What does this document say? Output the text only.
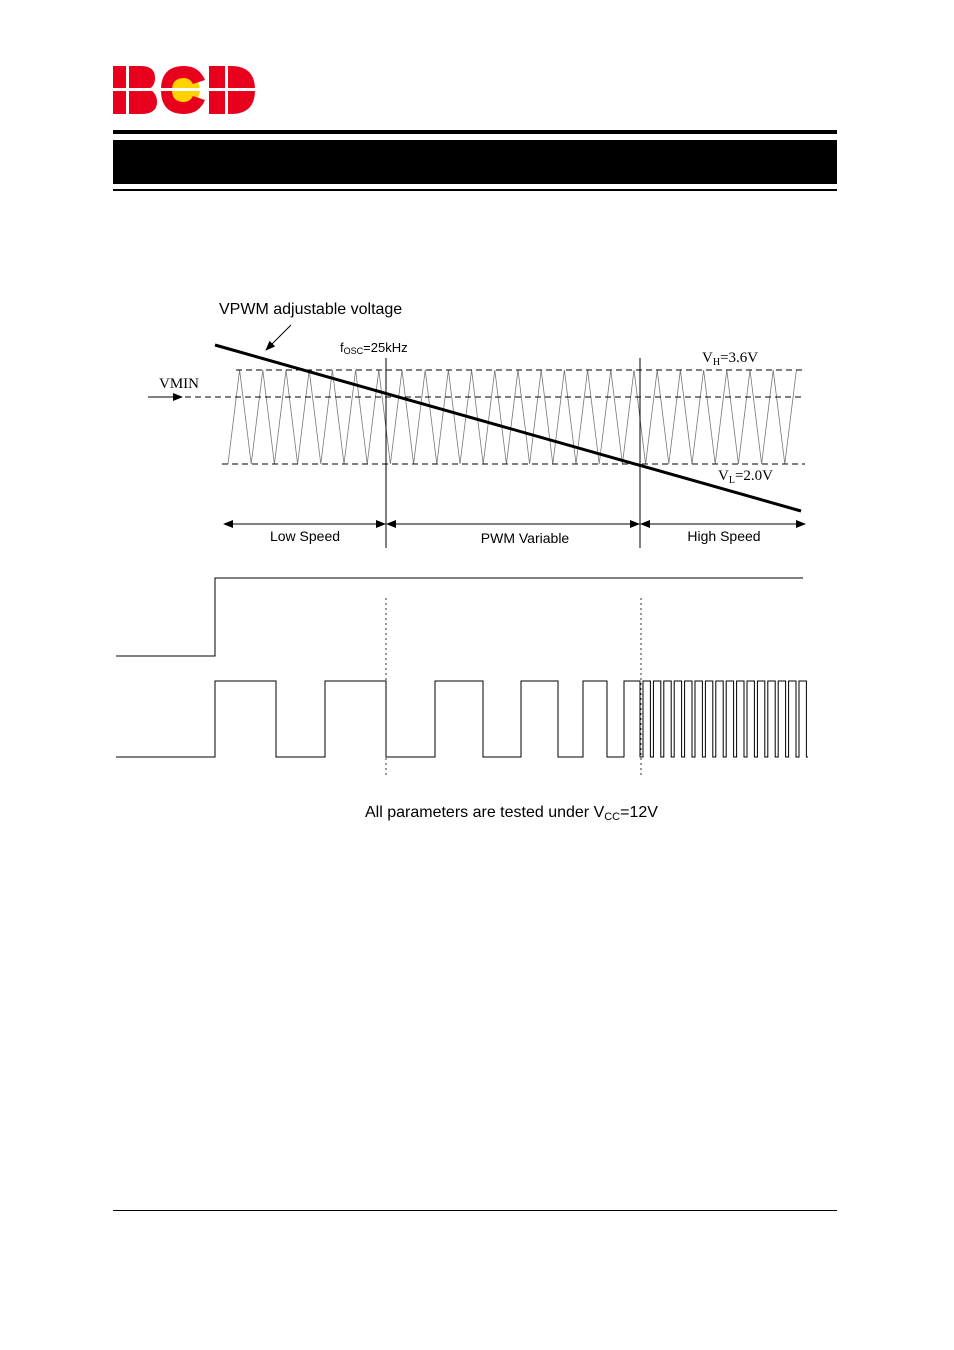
VPWM adjustable voltage
fOSC=25kHz
VMIN
$V_H=3.6V$
$V_L=2.0V$
Low Speed	PWM Variable	High Speed
All parameters are tested under VCC=12V
